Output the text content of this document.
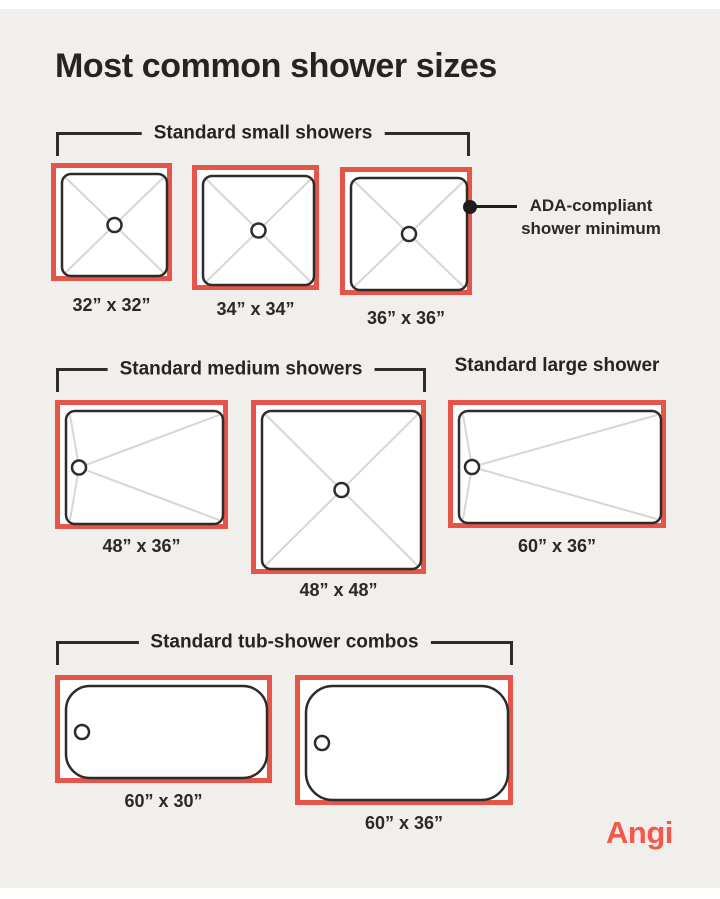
Most common shower sizes
Standard small showers
32” x 32”	34” x 34”	36” x 36”
ADA-compliant shower minimum
Standard medium showers
48” x 36”
48” x 48”
Standard large shower
60” x 36”
Standard tub-shower combos
60” x 30”
60” x 36”	Angi
